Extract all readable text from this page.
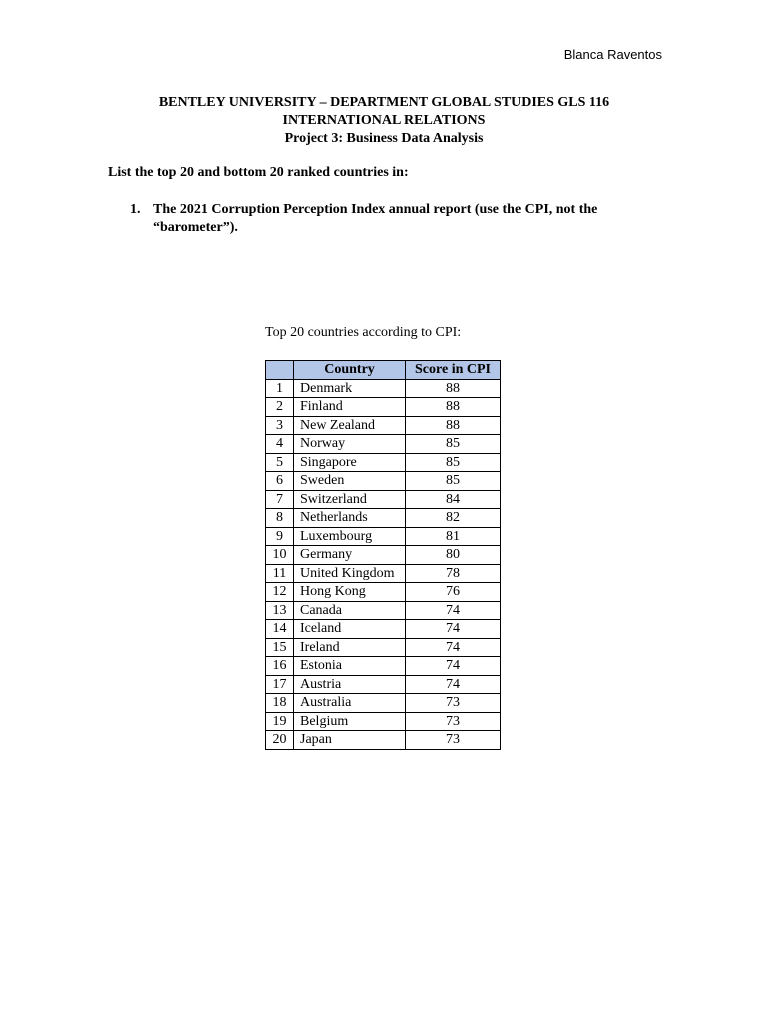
Blanca Raventos
BENTLEY UNIVERSITY – DEPARTMENT GLOBAL STUDIES GLS 116
INTERNATIONAL RELATIONS
Project 3: Business Data Analysis
List the top 20 and bottom 20 ranked countries in:
1. The 2021 Corruption Perception Index annual report (use the CPI, not the
“barometer”).
Top 20 countries according to CPI:
	Country	Score in CPI
1	Denmark	88
2	Finland	88
3	New Zealand	88
4	Norway	85
5	Singapore	85
6	Sweden	85
7	Switzerland	84
8	Netherlands	82
9	Luxembourg	81
10	Germany	80
11	United Kingdom	78
12	Hong Kong	76
13	Canada	74
14	Iceland	74
15	Ireland	74
16	Estonia	74
17	Austria	74
18	Australia	73
19	Belgium	73
20	Japan	73
